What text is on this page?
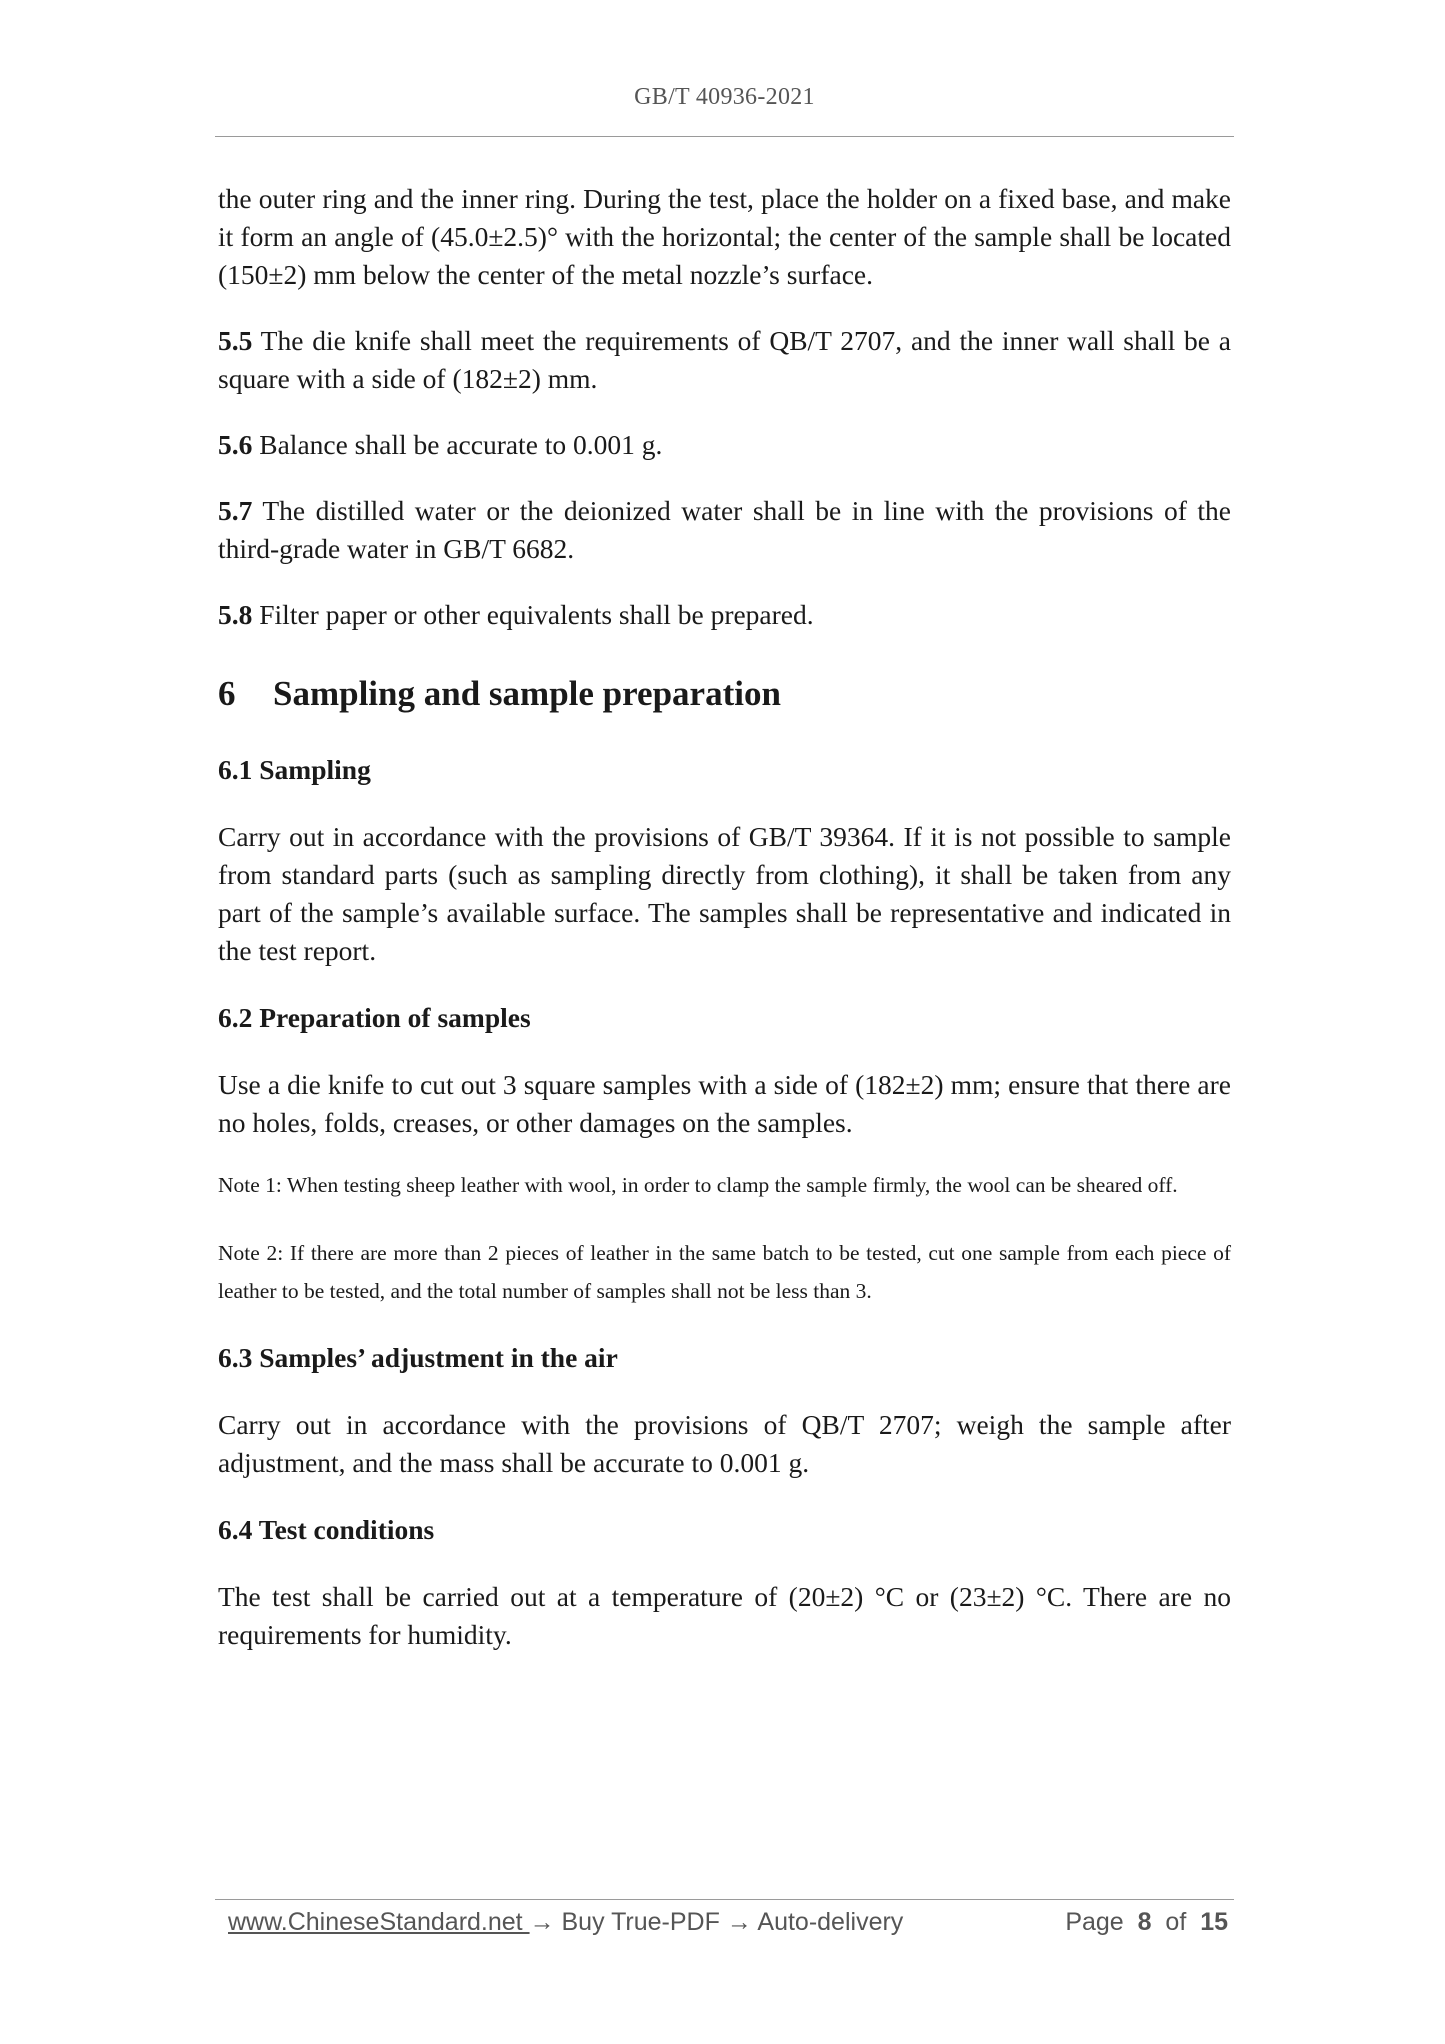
GB/T 40936-2021

the outer ring and the inner ring. During the test, place the holder on a fixed base, and make it form an angle of (45.0±2.5)° with the horizontal; the center of the sample shall be located (150±2) mm below the center of the metal nozzle’s surface.

5.5 The die knife shall meet the requirements of QB/T 2707, and the inner wall shall be a square with a side of (182±2) mm.

5.6 Balance shall be accurate to 0.001 g.

5.7 The distilled water or the deionized water shall be in line with the provisions of the third-grade water in GB/T 6682.

5.8 Filter paper or other equivalents shall be prepared.

6 Sampling and sample preparation
6.1 Sampling

Carry out in accordance with the provisions of GB/T 39364. If it is not possible to sample from standard parts (such as sampling directly from clothing), it shall be taken from any part of the sample’s available surface. The samples shall be representative and indicated in the test report.

6.2 Preparation of samples

Use a die knife to cut out 3 square samples with a side of (182±2) mm; ensure that there are no holes, folds, creases, or other damages on the samples.

Note 1: When testing sheep leather with wool, in order to clamp the sample firmly, the wool can be sheared off.

Note 2: If there are more than 2 pieces of leather in the same batch to be tested, cut one sample from each piece of leather to be tested, and the total number of samples shall not be less than 3.

6.3 Samples’ adjustment in the air

Carry out in accordance with the provisions of QB/T 2707; weigh the sample after adjustment, and the mass shall be accurate to 0.001 g.

6.4 Test conditions

The test shall be carried out at a temperature of (20±2) °C or (23±2) °C. There are no requirements for humidity.

www.ChineseStandard.net → Buy True-PDF → Auto-delivery	Page 8 of 15
